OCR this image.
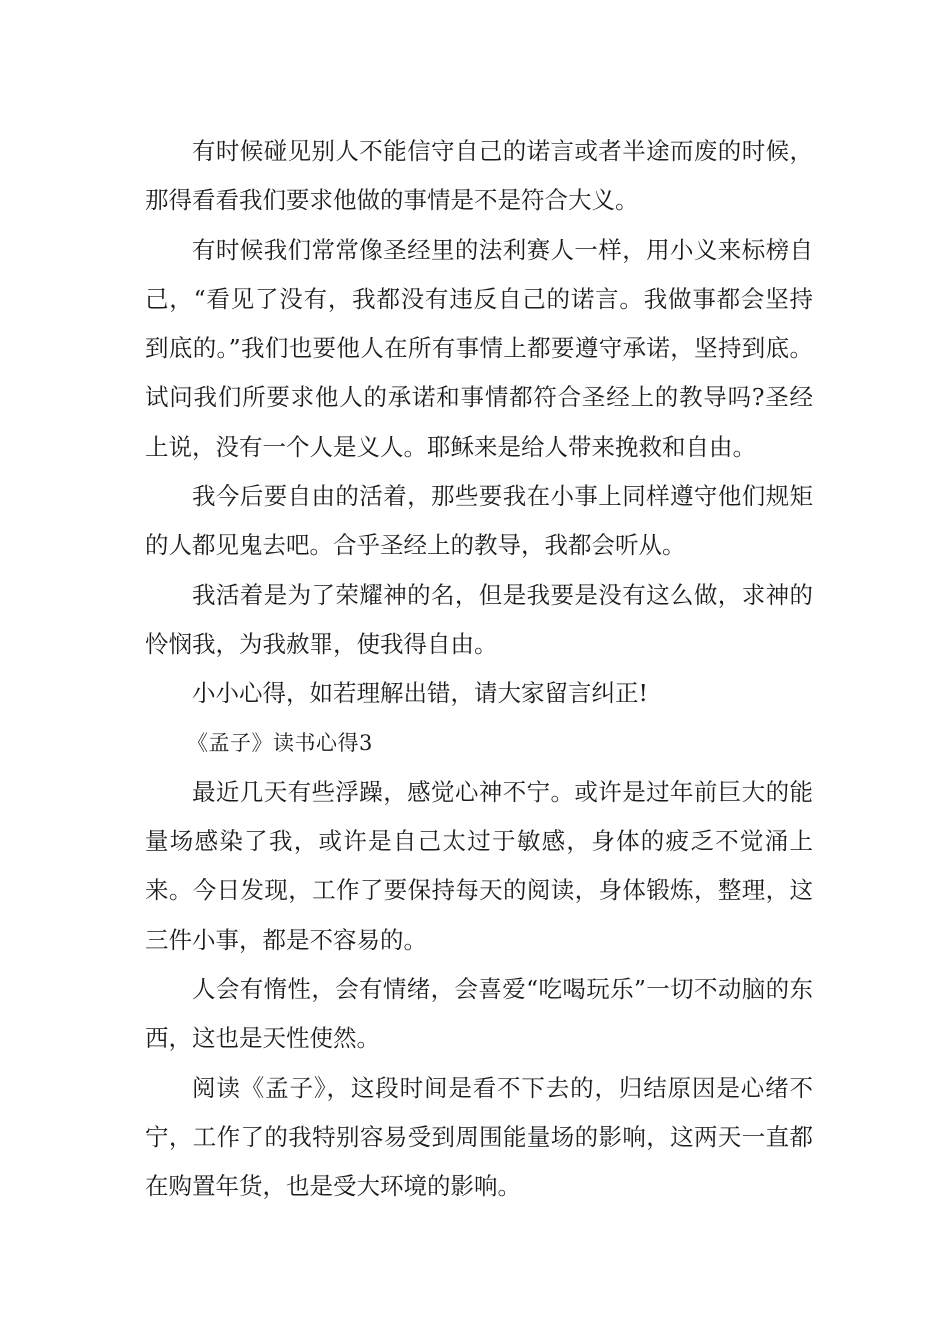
有时候碰见别人不能信守自己的诺言或者半途而废的时候，那得看看我们要求他做的事情是不是符合大义。

有时候我们常常像圣经里的法利赛人一样，用小义来标榜自己，“看见了没有，我都没有违反自己的诺言。我做事都会坚持到底的。”我们也要他人在所有事情上都要遵守承诺，坚持到底。试问我们所要求他人的承诺和事情都符合圣经上的教导吗?圣经上说，没有一个人是义人。耶稣来是给人带来挽救和自由。

我今后要自由的活着，那些要我在小事上同样遵守他们规矩的人都见鬼去吧。合乎圣经上的教导，我都会听从。

我活着是为了荣耀神的名，但是我要是没有这么做，求神的怜悯我，为我赦罪，使我得自由。

小小心得，如若理解出错，请大家留言纠正!

《孟子》读书心得3

最近几天有些浮躁，感觉心神不宁。或许是过年前巨大的能量场感染了我，或许是自己太过于敏感，身体的疲乏不觉涌上来。今日发现，工作了要保持每天的阅读，身体锻炼，整理，这三件小事，都是不容易的。

人会有惰性，会有情绪，会喜爱“吃喝玩乐”一切不动脑的东西，这也是天性使然。

阅读《孟子》，这段时间是看不下去的，归结原因是心绪不宁，工作了的我特别容易受到周围能量场的影响，这两天一直都在购置年货，也是受大环境的影响。
